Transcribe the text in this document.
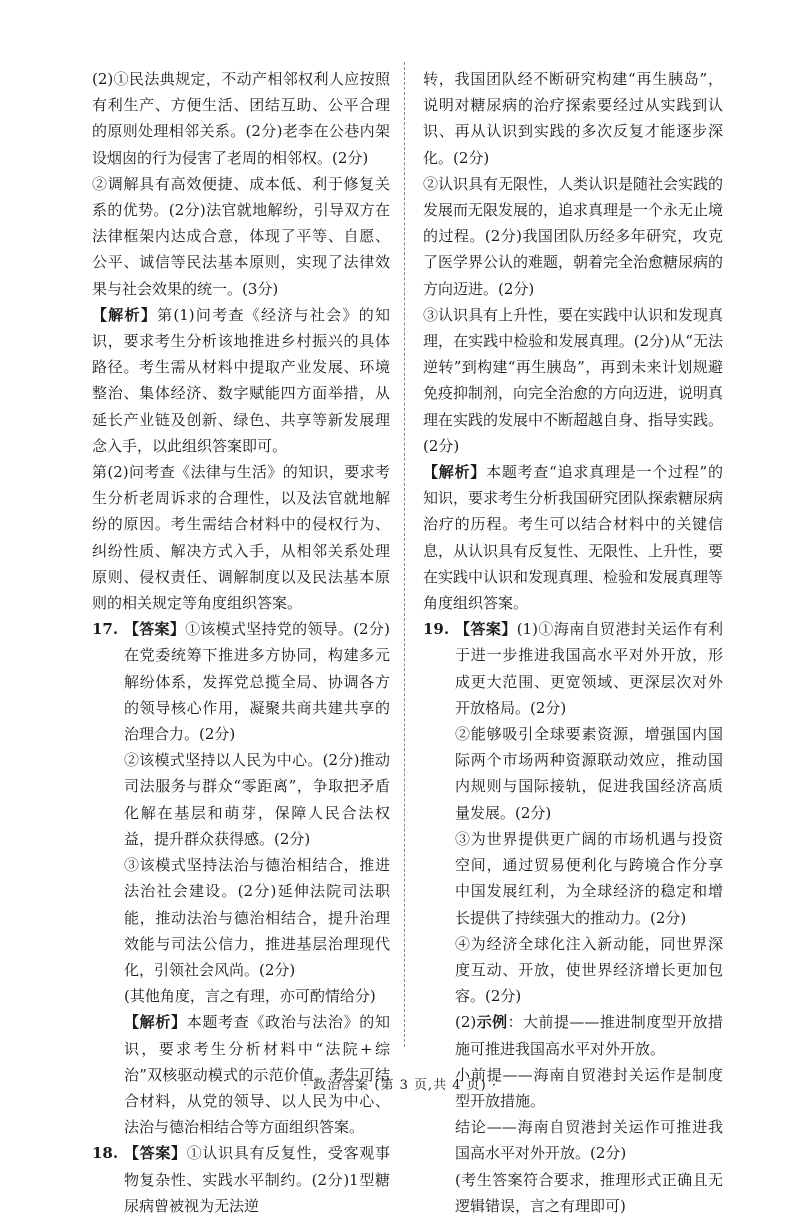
(2)①民法典规定，不动产相邻权利人应按照有利生产、方便生活、团结互助、公平合理的原则处理相邻关系。(2分)老李在公巷内架设烟囱的行为侵害了老周的相邻权。(2分)

②调解具有高效便捷、成本低、利于修复关系的优势。(2分)法官就地解纷，引导双方在法律框架内达成合意，体现了平等、自愿、公平、诚信等民法基本原则，实现了法律效果与社会效果的统一。(3分)

【解析】第(1)问考查《经济与社会》的知识，要求考生分析该地推进乡村振兴的具体路径。考生需从材料中提取产业发展、环境整治、集体经济、数字赋能四方面举措，从延长产业链及创新、绿色、共享等新发展理念入手，以此组织答案即可。

第(2)问考查《法律与生活》的知识，要求考生分析老周诉求的合理性，以及法官就地解纷的原因。考生需结合材料中的侵权行为、纠纷性质、解决方式入手，从相邻关系处理原则、侵权责任、调解制度以及民法基本原则的相关规定等角度组织答案。

17. 【答案】①该模式坚持党的领导。(2分)在党委统筹下推进多方协同，构建多元解纷体系，发挥党总揽全局、协调各方的领导核心作用，凝聚共商共建共享的治理合力。(2分)

②该模式坚持以人民为中心。(2分)推动司法服务与群众“零距离”，争取把矛盾化解在基层和萌芽，保障人民合法权益，提升群众获得感。(2分)

③该模式坚持法治与德治相结合，推进法治社会建设。(2分)延伸法院司法职能，推动法治与德治相结合，提升治理效能与司法公信力，推进基层治理现代化，引领社会风尚。(2分)

(其他角度，言之有理，亦可酌情给分)

【解析】本题考查《政治与法治》的知识，要求考生分析材料中“法院+综治”双核驱动模式的示范价值。考生可结合材料，从党的领导、以人民为中心、法治与德治相结合等方面组织答案。

18. 【答案】①认识具有反复性，受客观事物复杂性、实践水平制约。(2分)1型糖尿病曾被视为无法逆

转，我国团队经不断研究构建“再生胰岛”，说明对糖尿病的治疗探索要经过从实践到认识、再从认识到实践的多次反复才能逐步深化。(2分)

②认识具有无限性，人类认识是随社会实践的发展而无限发展的，追求真理是一个永无止境的过程。(2分)我国团队历经多年研究，攻克了医学界公认的难题，朝着完全治愈糖尿病的方向迈进。(2分)

③认识具有上升性，要在实践中认识和发现真理，在实践中检验和发展真理。(2分)从“无法逆转”到构建“再生胰岛”，再到未来计划规避免疫抑制剂，向完全治愈的方向迈进，说明真理在实践的发展中不断超越自身、指导实践。(2分)

【解析】本题考查“追求真理是一个过程”的知识，要求考生分析我国研究团队探索糖尿病治疗的历程。考生可以结合材料中的关键信息，从认识具有反复性、无限性、上升性，要在实践中认识和发现真理、检验和发展真理等角度组织答案。

19. 【答案】(1)①海南自贸港封关运作有利于进一步推进我国高水平对外开放，形成更大范围、更宽领域、更深层次对外开放格局。(2分)

②能够吸引全球要素资源，增强国内国际两个市场两种资源联动效应，推动国内规则与国际接轨，促进我国经济高质量发展。(2分)

③为世界提供更广阔的市场机遇与投资空间，通过贸易便利化与跨境合作分享中国发展红利，为全球经济的稳定和增长提供了持续强大的推动力。(2分)

④为经济全球化注入新动能，同世界深度互动、开放，使世界经济增长更加包容。(2分)

(2)示例：大前提——推进制度型开放措施可推进我国高水平对外开放。

小前提——海南自贸港封关运作是制度型开放措施。

结论——海南自贸港封关运作可推进我国高水平对外开放。(2分)

(考生答案符合要求，推理形式正确且无逻辑错误，言之有理即可)

· 政治答案 (第 3 页,共 4 页) ·
